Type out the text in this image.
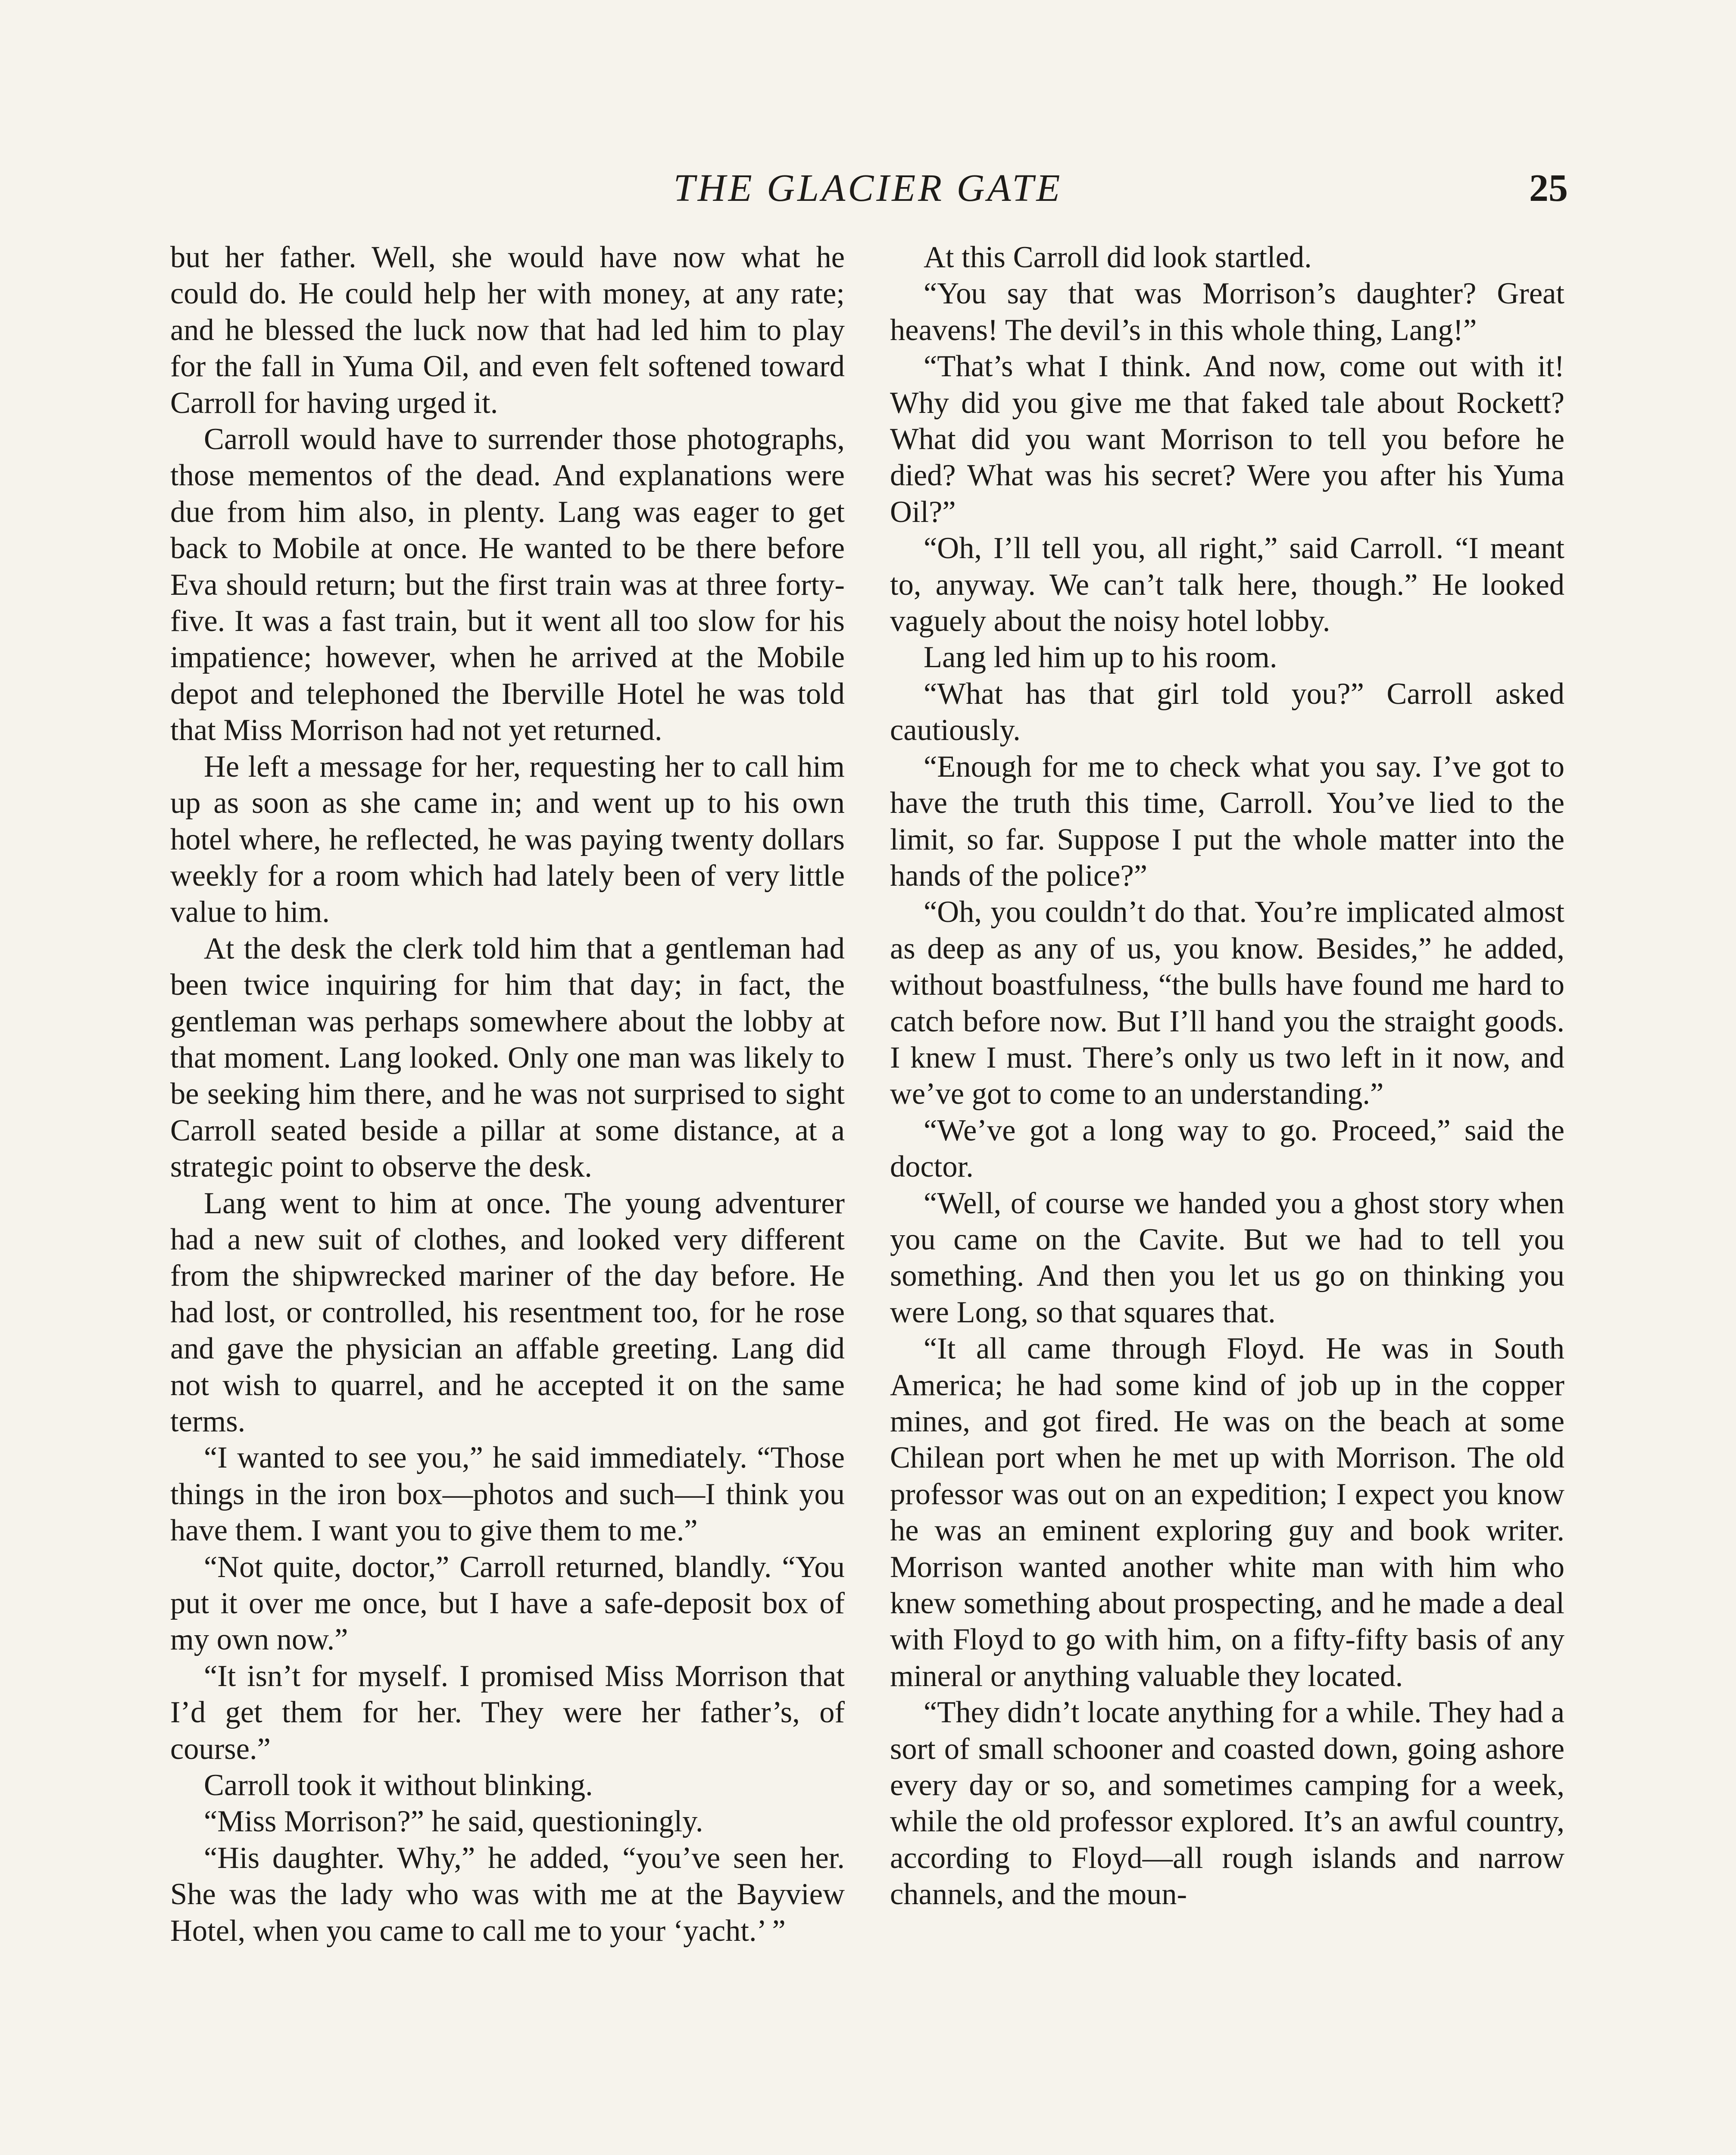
THE GLACIER GATE	25

but her father. Well, she would have now what he could do. He could help her with money, at any rate; and he blessed the luck now that had led him to play for the fall in Yuma Oil, and even felt softened toward Carroll for having urged it.

Carroll would have to surrender those photographs, those mementos of the dead. And explanations were due from him also, in plenty. Lang was eager to get back to Mobile at once. He wanted to be there before Eva should return; but the first train was at three forty-five. It was a fast train, but it went all too slow for his impatience; however, when he arrived at the Mobile depot and telephoned the Iberville Hotel he was told that Miss Morrison had not yet returned.

He left a message for her, requesting her to call him up as soon as she came in; and went up to his own hotel where, he reflected, he was paying twenty dollars weekly for a room which had lately been of very little value to him.

At the desk the clerk told him that a gentleman had been twice inquiring for him that day; in fact, the gentleman was perhaps somewhere about the lobby at that moment. Lang looked. Only one man was likely to be seeking him there, and he was not surprised to sight Carroll seated beside a pillar at some distance, at a strategic point to observe the desk.

Lang went to him at once. The young adventurer had a new suit of clothes, and looked very different from the shipwrecked mariner of the day before. He had lost, or controlled, his resentment too, for he rose and gave the physician an affable greeting. Lang did not wish to quarrel, and he accepted it on the same terms.

“I wanted to see you,” he said immediately. “Those things in the iron box—photos and such—I think you have them. I want you to give them to me.”

“Not quite, doctor,” Carroll returned, blandly. “You put it over me once, but I have a safe-deposit box of my own now.”

“It isn’t for myself. I promised Miss Morrison that I’d get them for her. They were her father’s, of course.”

Carroll took it without blinking.

“Miss Morrison?” he said, questioningly.

“His daughter. Why,” he added, “you’ve seen her. She was the lady who was with me at the Bayview Hotel, when you came to call me to your ‘yacht.’ ”

At this Carroll did look startled.

“You say that was Morrison’s daughter? Great heavens! The devil’s in this whole thing, Lang!”

“That’s what I think. And now, come out with it! Why did you give me that faked tale about Rockett? What did you want Morrison to tell you before he died? What was his secret? Were you after his Yuma Oil?”

“Oh, I’ll tell you, all right,” said Carroll. “I meant to, anyway. We can’t talk here, though.” He looked vaguely about the noisy hotel lobby.

Lang led him up to his room.

“What has that girl told you?” Carroll asked cautiously.

“Enough for me to check what you say. I’ve got to have the truth this time, Carroll. You’ve lied to the limit, so far. Suppose I put the whole matter into the hands of the police?”

“Oh, you couldn’t do that. You’re implicated almost as deep as any of us, you know. Besides,” he added, without boastfulness, “the bulls have found me hard to catch before now. But I’ll hand you the straight goods. I knew I must. There’s only us two left in it now, and we’ve got to come to an understanding.”

“We’ve got a long way to go. Proceed,” said the doctor.

“Well, of course we handed you a ghost story when you came on the Cavite. But we had to tell you something. And then you let us go on thinking you were Long, so that squares that.

“It all came through Floyd. He was in South America; he had some kind of job up in the copper mines, and got fired. He was on the beach at some Chilean port when he met up with Morrison. The old professor was out on an expedition; I expect you know he was an eminent exploring guy and book writer. Morrison wanted another white man with him who knew something about prospecting, and he made a deal with Floyd to go with him, on a fifty-fifty basis of any mineral or anything valuable they located.

“They didn’t locate anything for a while. They had a sort of small schooner and coasted down, going ashore every day or so, and sometimes camping for a week, while the old professor explored. It’s an awful country, according to Floyd—all rough islands and narrow channels, and the moun-
